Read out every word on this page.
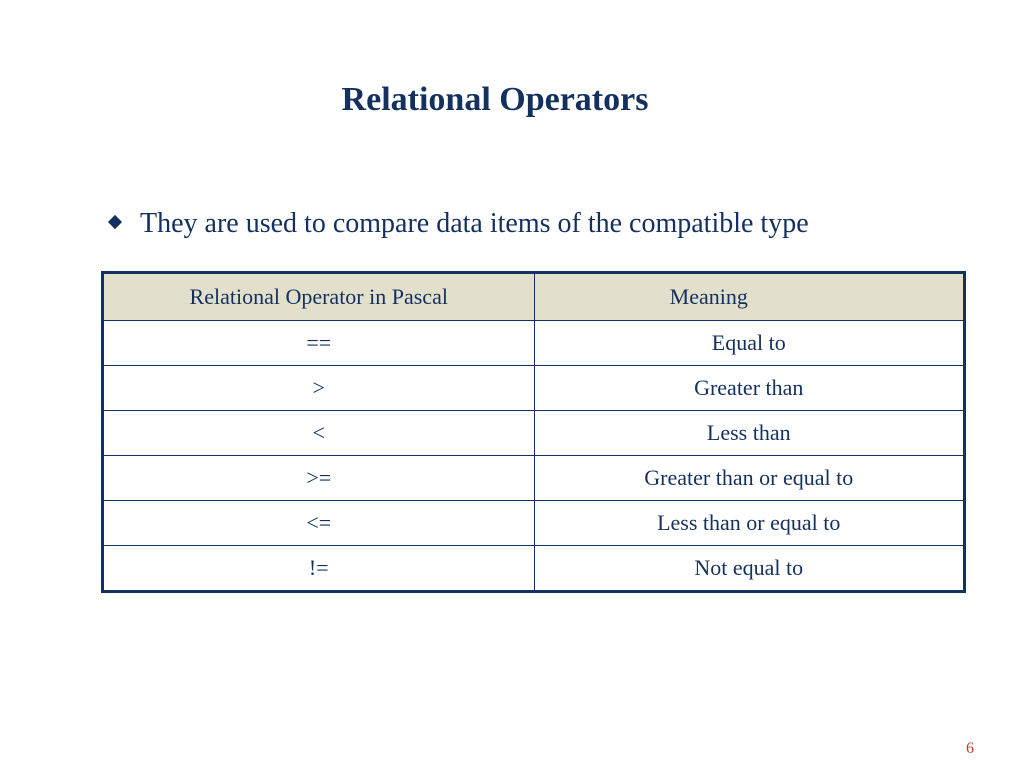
Relational Operators
They are used to compare data items of the compatible type
Relational Operator in Pascal	Meaning
==	Equal to
>	Greater than
<	Less than
>=	Greater than or equal to
<=	Less than or equal to
!=	Not equal to
6
